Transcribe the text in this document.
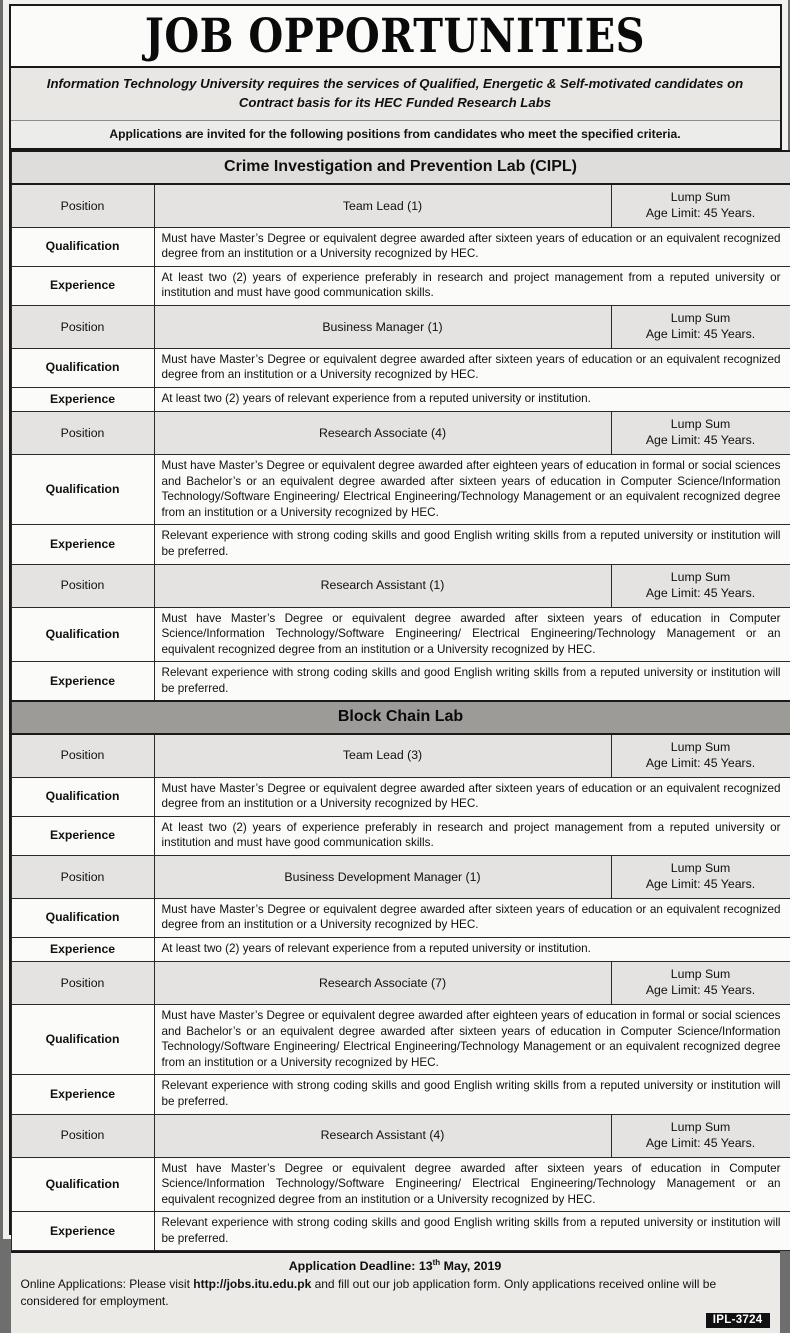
JOB OPPORTUNITIES

Information Technology University requires the services of Qualified, Energetic & Self-motivated candidates on Contract basis for its HEC Funded Research Labs

Applications are invited for the following positions from candidates who meet the specified criteria.

Crime Investigation and Prevention Lab (CIPL)		
Position	Team Lead (1)	Lump Sum
Age Limit: 45 Years.

Qualification	Must have Master’s Degree or equivalent degree awarded after sixteen years of education or an equivalent recognized degree from an institution or a University recognized by HEC.	
Experience	At least two (2) years of experience preferably in research and project management from a reputed university or institution and must have good communication skills.	
Position	Business Manager (1)	Lump Sum
Age Limit: 45 Years.

Qualification	Must have Master’s Degree or equivalent degree awarded after sixteen years of education or an equivalent recognized degree from an institution or a University recognized by HEC.	
Experience	At least two (2) years of relevant experience from a reputed university or institution.	
Position	Research Associate (4)	Lump Sum
Age Limit: 45 Years.

Qualification	Must have Master’s Degree or equivalent degree awarded after eighteen years of education in formal or social sciences and Bachelor’s or an equivalent degree awarded after sixteen years of education in Computer Science/Information Technology/Software Engineering/ Electrical Engineering/Technology Management or an equivalent recognized degree from an institution or a University recognized by HEC.	
Experience	Relevant experience with strong coding skills and good English writing skills from a reputed university or institution will be preferred.	
Position	Research Assistant (1)	Lump Sum
Age Limit: 45 Years.

Qualification	Must have Master’s Degree or equivalent degree awarded after sixteen years of education in Computer Science/Information Technology/Software Engineering/ Electrical Engineering/Technology Management or an equivalent recognized degree from an institution or a University recognized by HEC.	
Experience	Relevant experience with strong coding skills and good English writing skills from a reputed university or institution will be preferred.	
Block Chain Lab		
Position	Team Lead (3)	Lump Sum
Age Limit: 45 Years.

Qualification	Must have Master’s Degree or equivalent degree awarded after sixteen years of education or an equivalent recognized degree from an institution or a University recognized by HEC.	
Experience	At least two (2) years of experience preferably in research and project management from a reputed university or institution and must have good communication skills.	
Position	Business Development Manager (1)	Lump Sum
Age Limit: 45 Years.

Qualification	Must have Master’s Degree or equivalent degree awarded after sixteen years of education or an equivalent recognized degree from an institution or a University recognized by HEC.	
Experience	At least two (2) years of relevant experience from a reputed university or institution.	
Position	Research Associate (7)	Lump Sum
Age Limit: 45 Years.

Qualification	Must have Master’s Degree or equivalent degree awarded after eighteen years of education in formal or social sciences and Bachelor’s or an equivalent degree awarded after sixteen years of education in Computer Science/Information Technology/Software Engineering/ Electrical Engineering/Technology Management or an equivalent recognized degree from an institution or a University recognized by HEC.	
Experience	Relevant experience with strong coding skills and good English writing skills from a reputed university or institution will be preferred.	
Position	Research Assistant (4)	Lump Sum
Age Limit: 45 Years.

Qualification	Must have Master’s Degree or equivalent degree awarded after sixteen years of education in Computer Science/Information Technology/Software Engineering/ Electrical Engineering/Technology Management or an equivalent recognized degree from an institution or a University recognized by HEC.	
Experience	Relevant experience with strong coding skills and good English writing skills from a reputed university or institution will be preferred.	

Application Deadline: 13th May, 2019

Online Applications: Please visit http://jobs.itu.edu.pk and fill out our job application form. Only applications received online will be considered for employment.

IPL-3724
